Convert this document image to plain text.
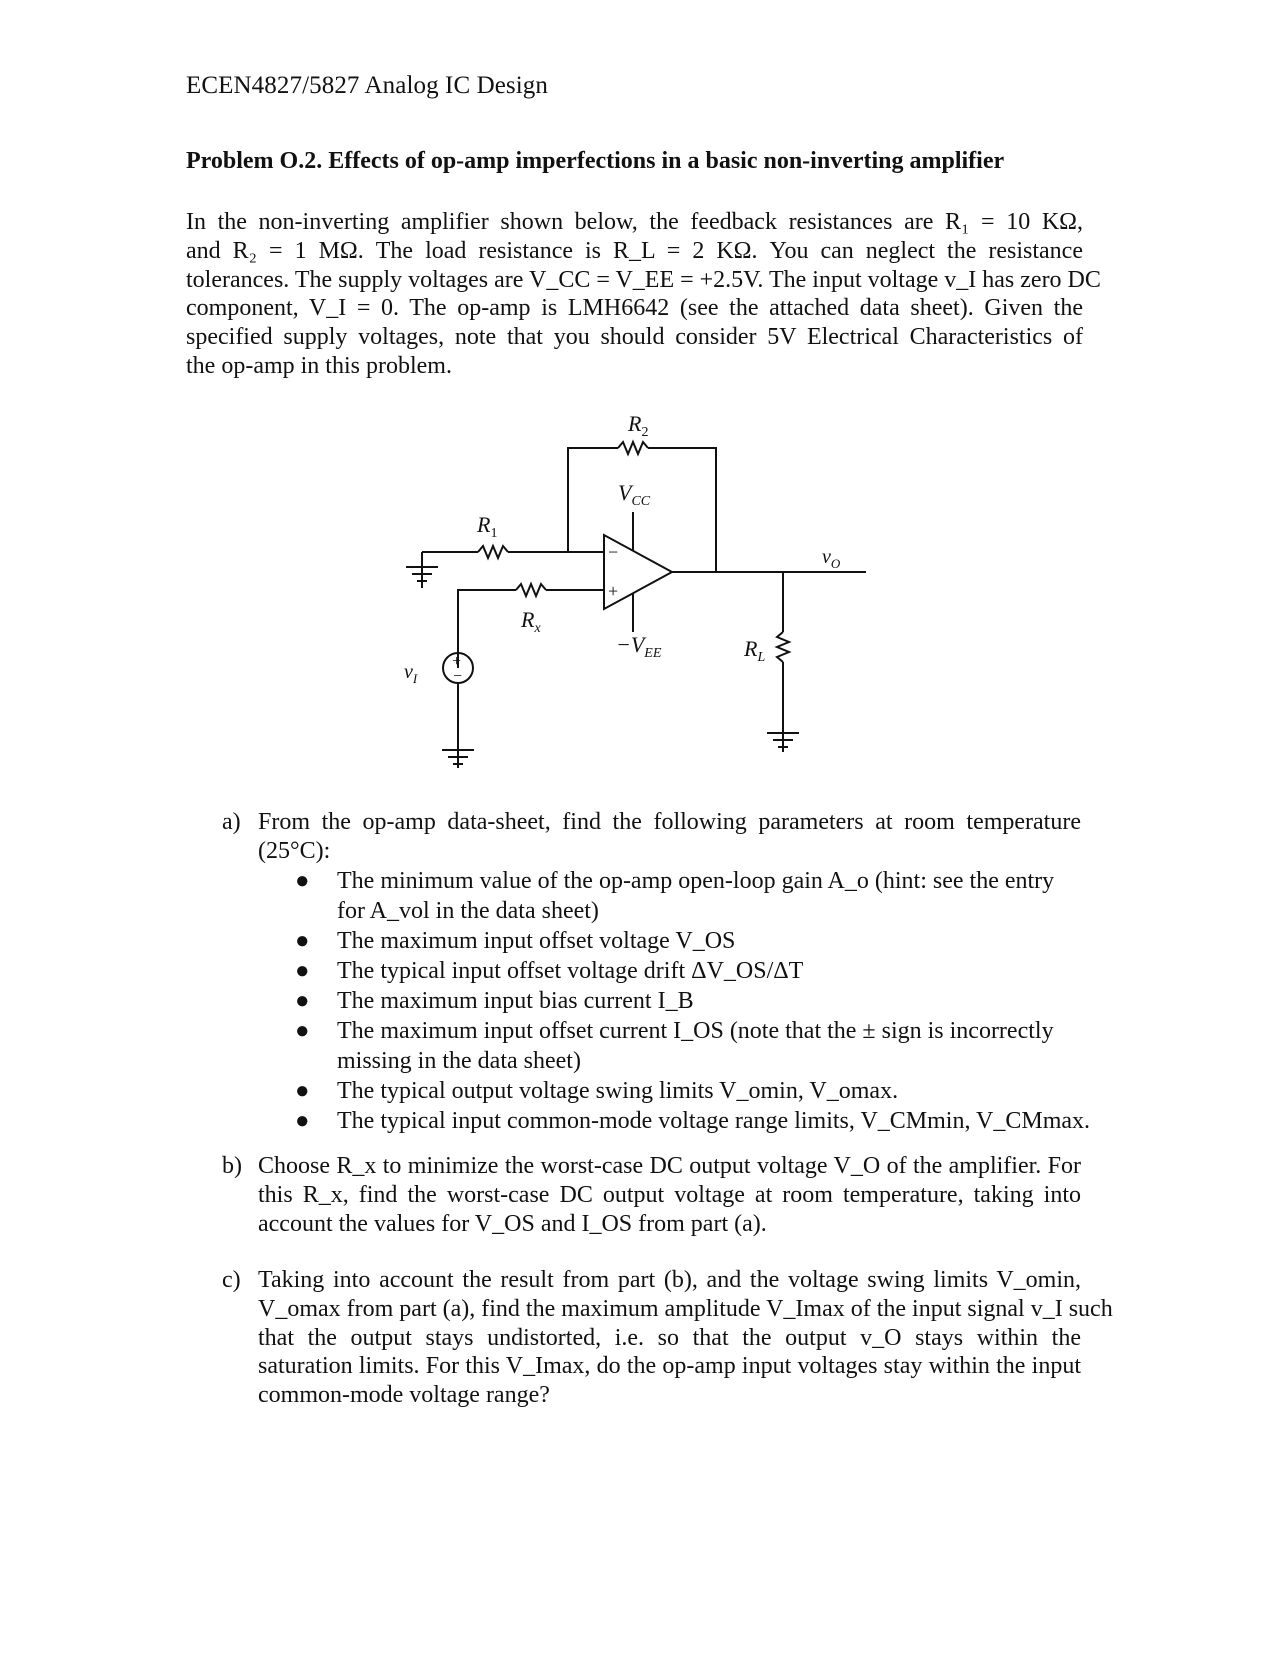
ECEN4827/5827 Analog IC Design
Problem O.2. Effects of op-amp imperfections in a basic non-inverting amplifier
In the non-inverting amplifier shown below, the feedback resistances are R₁ = 10 KΩ,
and R₂ = 1 MΩ. The load resistance is R_L = 2 KΩ. You can neglect the resistance
tolerances. The supply voltages are V_CC = V_EE = +2.5V. The input voltage v_I has zero DC
component, V_I = 0. The op-amp is LMH6642 (see the attached data sheet). Given the
specified supply voltages, note that you should consider 5V Electrical Characteristics of
the op-amp in this problem.
$R_2$
$R_1$
−
+
$V_{CC}$
$-V_{EE}$
$R_x$
+
−
$v_I$
$v_O$
$R_L$
a) From the op-amp data-sheet, find the following parameters at room temperature
(25°C):
● The minimum value of the op-amp open-loop gain A_o (hint: see the entry
for A_vol in the data sheet)
● The maximum input offset voltage V_OS
● The typical input offset voltage drift ΔV_OS/ΔT
● The maximum input bias current I_B
● The maximum input offset current I_OS (note that the ± sign is incorrectly
missing in the data sheet)
● The typical output voltage swing limits V_omin, V_omax.
● The typical input common-mode voltage range limits, V_CMmin, V_CMmax.
b) Choose R_x to minimize the worst-case DC output voltage V_O of the amplifier. For
this R_x, find the worst-case DC output voltage at room temperature, taking into
account the values for V_OS and I_OS from part (a).
c) Taking into account the result from part (b), and the voltage swing limits V_omin,
V_omax from part (a), find the maximum amplitude V_Imax of the input signal v_I such
that the output stays undistorted, i.e. so that the output v_O stays within the
saturation limits. For this V_Imax, do the op-amp input voltages stay within the input
common-mode voltage range?
